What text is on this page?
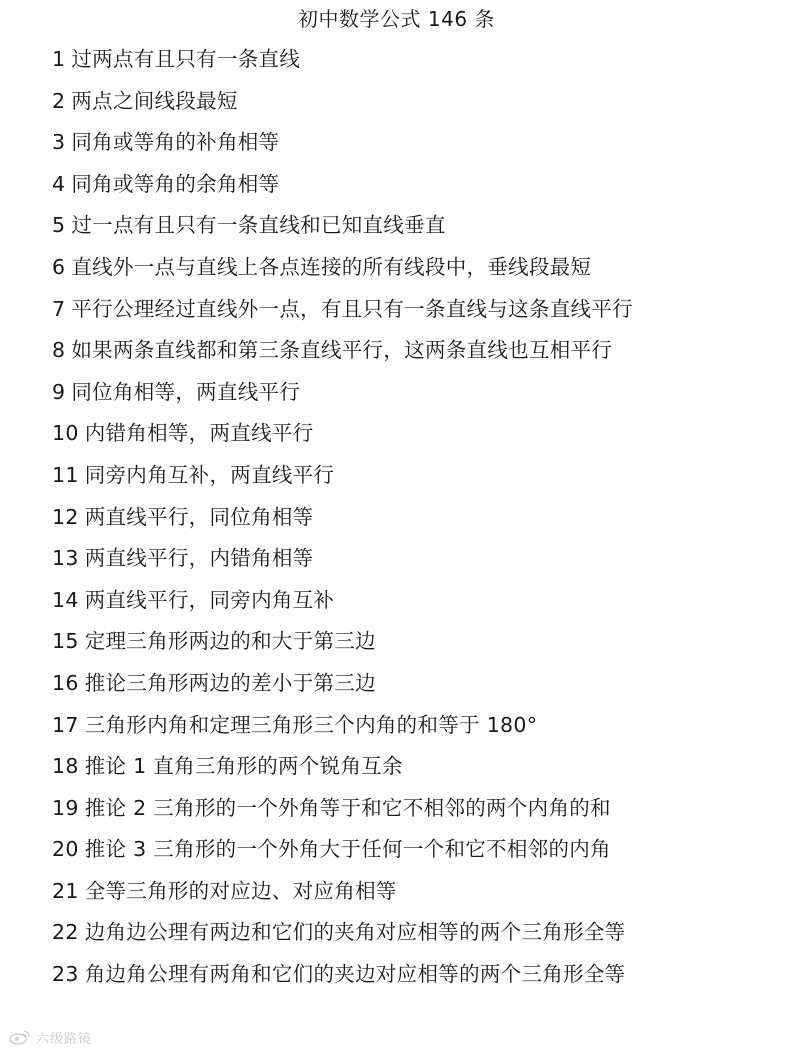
初中数学公式 146 条
1 过两点有且只有一条直线
2 两点之间线段最短
3 同角或等角的补角相等
4 同角或等角的余角相等
5 过一点有且只有一条直线和已知直线垂直
6 直线外一点与直线上各点连接的所有线段中，垂线段最短
7 平行公理经过直线外一点，有且只有一条直线与这条直线平行
8 如果两条直线都和第三条直线平行，这两条直线也互相平行
9 同位角相等，两直线平行
10 内错角相等，两直线平行
11 同旁内角互补，两直线平行
12 两直线平行，同位角相等
13 两直线平行，内错角相等
14 两直线平行，同旁内角互补
15 定理三角形两边的和大于第三边
16 推论三角形两边的差小于第三边
17 三角形内角和定理三角形三个内角的和等于 180°
18 推论 1 直角三角形的两个锐角互余
19 推论 2 三角形的一个外角等于和它不相邻的两个内角的和
20 推论 3 三角形的一个外角大于任何一个和它不相邻的内角
21 全等三角形的对应边、对应角相等
22 边角边公理有两边和它们的夹角对应相等的两个三角形全等
23 角边角公理有两角和它们的夹边对应相等的两个三角形全等
六级路镜
